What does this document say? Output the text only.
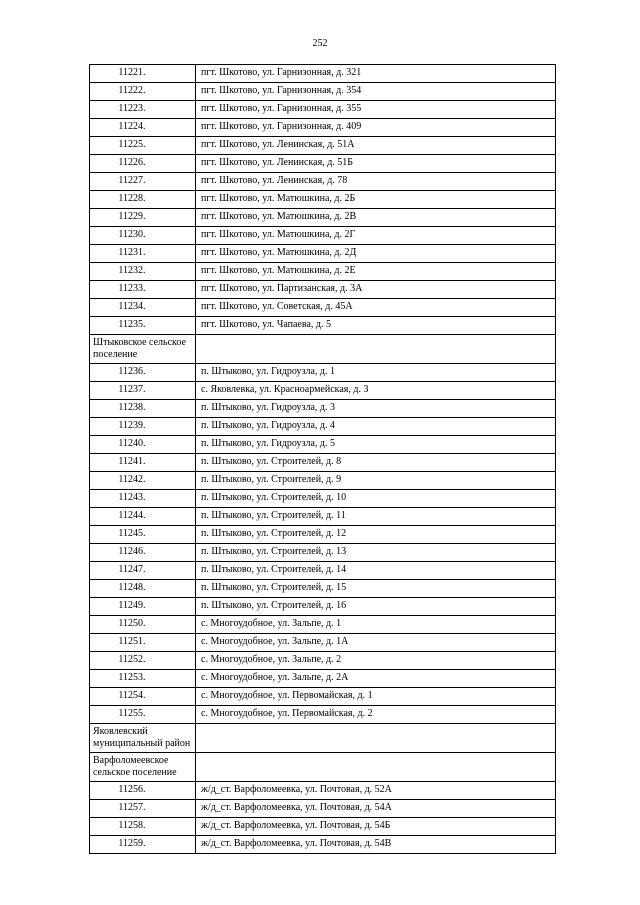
252
11221.	пгт. Шкотово, ул. Гарнизонная, д. 321
11222.	пгт. Шкотово, ул. Гарнизонная, д. 354
11223.	пгт. Шкотово, ул. Гарнизонная, д. 355
11224.	пгт. Шкотово, ул. Гарнизонная, д. 409
11225.	пгт. Шкотово, ул. Ленинская, д. 51А
11226.	пгт. Шкотово, ул. Ленинская, д. 51Б
11227.	пгт. Шкотово, ул. Ленинская, д. 78
11228.	пгт. Шкотово, ул. Матюшкина, д. 2Б
11229.	пгт. Шкотово, ул. Матюшкина, д. 2В
11230.	пгт. Шкотово, ул. Матюшкина, д. 2Г
11231.	пгт. Шкотово, ул. Матюшкина, д. 2Д
11232.	пгт. Шкотово, ул. Матюшкина, д. 2Е
11233.	пгт. Шкотово, ул. Партизанская, д. 3А
11234.	пгт. Шкотово, ул. Советская, д. 45А
11235.	пгт. Шкотово, ул. Чапаева, д. 5
Штыковское сельское поселение	
11236.	п. Штыково, ул. Гидроузла, д. 1
11237.	с. Яковлевка, ул. Красноармейская, д. 3
11238.	п. Штыково, ул. Гидроузла, д. 3
11239.	п. Штыково, ул. Гидроузла, д. 4
11240.	п. Штыково, ул. Гидроузла, д. 5
11241.	п. Штыково, ул. Строителей, д. 8
11242.	п. Штыково, ул. Строителей, д. 9
11243.	п. Штыково, ул. Строителей, д. 10
11244.	п. Штыково, ул. Строителей, д. 11
11245.	п. Штыково, ул. Строителей, д. 12
11246.	п. Штыково, ул. Строителей, д. 13
11247.	п. Штыково, ул. Строителей, д. 14
11248.	п. Штыково, ул. Строителей, д. 15
11249.	п. Штыково, ул. Строителей, д. 16
11250.	с. Многоудобное, ул. Зальпе, д. 1
11251.	с. Многоудобное, ул. Зальпе, д. 1А
11252.	с. Многоудобное, ул. Зальпе, д. 2
11253.	с. Многоудобное, ул. Зальпе, д. 2А
11254.	с. Многоудобное, ул. Первомайская, д. 1
11255.	с. Многоудобное, ул. Первомайская, д. 2
Яковлевский муниципальный район	
Варфоломеевское сельское поселение	
11256.	ж/д_ст. Варфоломеевка, ул. Почтовая, д. 52А
11257.	ж/д_ст. Варфоломеевка, ул. Почтовая, д. 54А
11258.	ж/д_ст. Варфоломеевка, ул. Почтовая, д. 54Б
11259.	ж/д_ст. Варфоломеевка, ул. Почтовая, д. 54В
